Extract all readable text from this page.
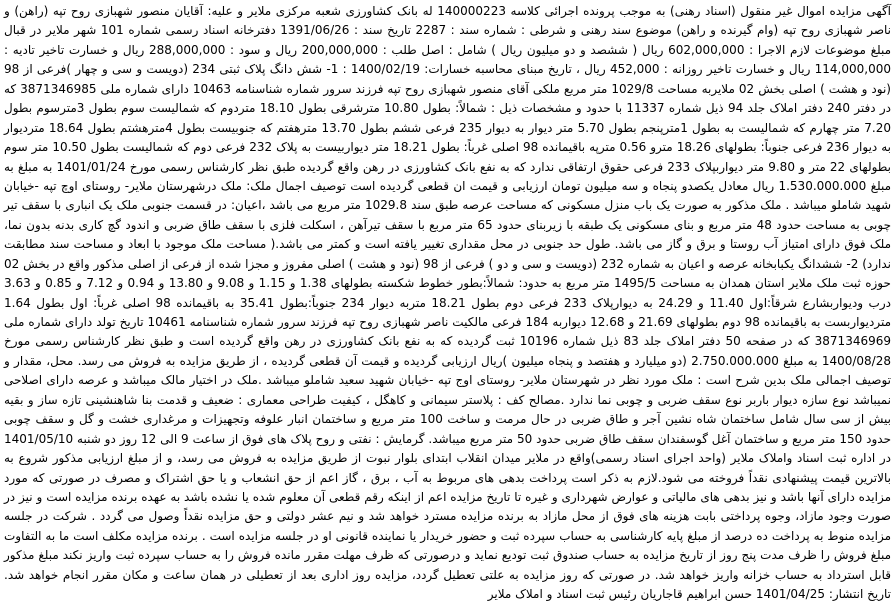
آگهی مزایده اموال غیر منقول (اسناد رهنی) به موجب پرونده اجرائی کلاسه 140000223 له بانک کشاورزی شعبه مرکزی ملایر و علیه: آقایان منصور شهبازی روح تپه (راهن) و ناصر شهبازی روح تپه (وام گیرنده و راهن) موضوع سند رهنی و شرطی : شماره سند : 2287 تاریخ سند : 1391/06/26 دفترخانه اسناد رسمی شماره 101 شهر ملایر در قبال مبلغ موضوعات لازم الاجرا : 602,000,000 ریال ( ششصد و دو میلیون ریال ) شامل : اصل طلب : 200,000,000 ریال و سود : 288,000,000 ریال و خسارت تاخیر تادیه : 114,000,000 ریال و خسارت تاخیر روزانه : 452,000 ریال ، تاریخ مبنای محاسبه خسارات: 1400/02/19 : 1- شش دانگ پلاک ثبتی 234 (دویست و سی و چهار )فرعی از 98 (نود و هشت ) اصلی بخش 02 ملایربه مساحت 1029/8 متر مربع ملکی آقای منصور شهبازی روح تپه فرزند سرور شماره شناسنامه 10463 دارای شماره ملی 3871346985 که در دفتر 240 دفتر املاک جلد 94 ذیل شماره 11337 با حدود و مشخصات ذیل : شمالاً: بطول 10.80 مترشرقی بطول 18.10 متردوم که شمالیست سوم بطول 3مترسوم بطول 7.20 متر چهارم که شمالیست به بطول 1مترپنجم بطول 5.70 متر دیوار به دیوار 235 فرعی ششم بطول 13.70 مترهفتم که جنوبیست بطول 4مترهشتم بطول 18.64 متردیوار به دیوار 236 فرعی جنوباً: بطولهای 18.26 مترو 0.56 مترپه باقیمانده 98 اصلی غرباً: بطول 18.21 متر دیواربیست به پلاک 232 فرعی دوم که شمالیست بطول 10.50 متر سوم بطولهای 22 متر و 9.80 متر دیواربپلاک 233 فرعی حقوق ارتفاقی ندارد که به نفع بانک کشاورزی در رهن واقع گردیده طبق نظر کارشناس رسمی مورخ 1401/01/24 به مبلغ به مبلغ 1.530.000.000 ریال معادل یکصدو پنجاه و سه میلیون تومان ارزیابی و قیمت ان قطعی گردیده است توصیف اجمال ملک: ملک درشهرستان ملایر- روستای اوچ تپه -خیابان شهید شاملو میباشد . ملک مذکور به صورت یک باب منزل مسکونی که مساحت عرصه طبق سند 1029.8 متر مربع می باشد ،اعیان: در قسمت جنوبی ملک یک انباری با سقف تیر چوبی به مساحت حدود 48 متر مربع و بنای مسکونی یک طبقه با زیربنای حدود 65 متر مربع با سقف تیرآهن ، اسکلت فلزی با سقف طاق ضربی و اندود گچ کاری بدنه بدون نما، ملک فوق دارای امتیاز آب روستا و برق و گاز می باشد. طول حد جنوبی در محل مقداری تغییر یافته است و کمتر می باشد.( مساحت ملک موجود با ابعاد و مساحت سند مطابقت ندارد) 2- ششدانگ یکبابخانه عرصه و اعیان به شماره 232 (دویست و سی و دو ) فرعی از 98 (نود و هشت ) اصلی مفروز و مجزا شده از فرعی از اصلی مذکور واقع در بخش 02 حوزه ثبت ملک ملایر استان همدان به مساحت 1495/5 متر مربع به حدود: شمالاً:بطور خطوط شکسته بطولهای 1.38 و 1.15 و 9.08 و 13.80 و 0.94 و 7.12 و 0.85 و 3.63 درب وديواربشارع شرقاً:اول 11.40 و 24.29 به دیوارپلاک 233 فرعی دوم بطول 18.21 متربه دیوار 234 جنوباً:بطول 35.41 به باقیمانده 98 اصلی غرباً: اول بطول 1.64 متردیواربست به باقیمانده 98 دوم بطولهای 21.69 و 12.68 دیواربه 184 فرعی مالکیت ناصر شهبازی روح تپه فرزند سرور شماره شناسنامه 10461 تاریخ تولد دارای شماره ملی 3871346969 که در صفحه 50 دفتر املاک جلد 83 ذیل شماره 10196 ثبت گردیده که به نفع بانک کشاورزی در رهن واقع گردیده است و طبق نظر کارشناس رسمی مورخ 1400/08/28 به مبلغ 2.750.000.000 (دو میلیارد و هفتصد و پنجاه میلیون )ریال ارزیابی گردیده و قیمت آن قطعی گردیده ، از طریق مزایده به فروش می رسد. محل، مقدار و توصیف اجمالی ملک بدین شرح است : ملک مورد نظر در شهرستان ملایر- روستای اوج تپه -خیابان شهید سعید شاملو میباشد .ملک در اختیار مالک میباشد و عرصه دارای اصلاحی نمیباشد نوع سازه دیوار باربر نوع سقف ضربی و چوبی نما ندارد .مصالح کف : پلاستر سیمانی و کاهگل ، کیفیت طراحی معماری : ضعیف و قدمت بنا شاهنشینی تازه ساز و بقیه بیش از سی سال شامل ساختمان شاه نشین آجر و طاق ضربی در حال مرمت و ساخت 100 متر مربع و ساختمان انبار علوفه وتجهیزات و مرغداری خشت و گل و سقف چوبی حدود 150 متر مربع و ساختمان آغل گوسفندان سقف طاق ضربی حدود 50 متر مربع میباشد. گرمایش : نفتی و روح پلاک های فوق از ساعت 9 الی 12 روز دو شنبه 1401/05/10 در اداره ثبت اسناد واملاک ملایر (واحد اجرای اسناد رسمی)واقع در ملایر میدان انقلاب ابتدای بلوار نبوت از طریق مزایده به فروش می رسد، و از مبلغ ارزیابی مذکور شروع به بالاترین قیمت پیشنهادی نقداً فروخته می شود.لازم به ذکر است پرداخت بدهی های مربوط به آب ، برق ، گاز اعم از حق انشعاب و یا حق اشتراک و مصرف در صورتی که مورد مزایده دارای آنها باشد و نیز بدهی های مالیاتی و عوارض شهرداری و غیره تا تاریخ مزایده اعم از اینکه رقم قطعی آن معلوم شده یا نشده باشد به عهده برنده مزایده است و نیز در صورت وجود مازاد، وجوه پرداختی بابت هزینه های فوق از محل مازاد به برنده مزایده مسترد خواهد شد و نیم عشر دولتی و حق مزایده نقداً وصول می گردد . شرکت در جلسه مزایده منوط به پرداخت ده درصد از مبلغ پایه کارشناسی به حساب سپرده ثبت و حضور خریدار یا نماینده قانونی او در جلسه مزایده است . برنده مزایده مکلف است ما به التفاوت مبلغ فروش را ظرف مدت پنج روز از تاریخ مزایده به حساب صندوق ثبت تودیع نماید و درصورتی که ظرف مهلت مقرر مانده فروش را به حساب سپرده ثبت واریز نکند مبلغ مذکور قابل استرداد به حساب خزانه واریز خواهد شد. در صورتی که روز مزایده به علتی تعطیل گردد، مزایده روز اداری بعد از تعطیلی در همان ساعت و مکان مقرر انجام خواهد شد. تاریخ انتشار: 1401/04/25 حسن ابراهیم قاجاریان رئیس ثبت اسناد و املاک ملایر
